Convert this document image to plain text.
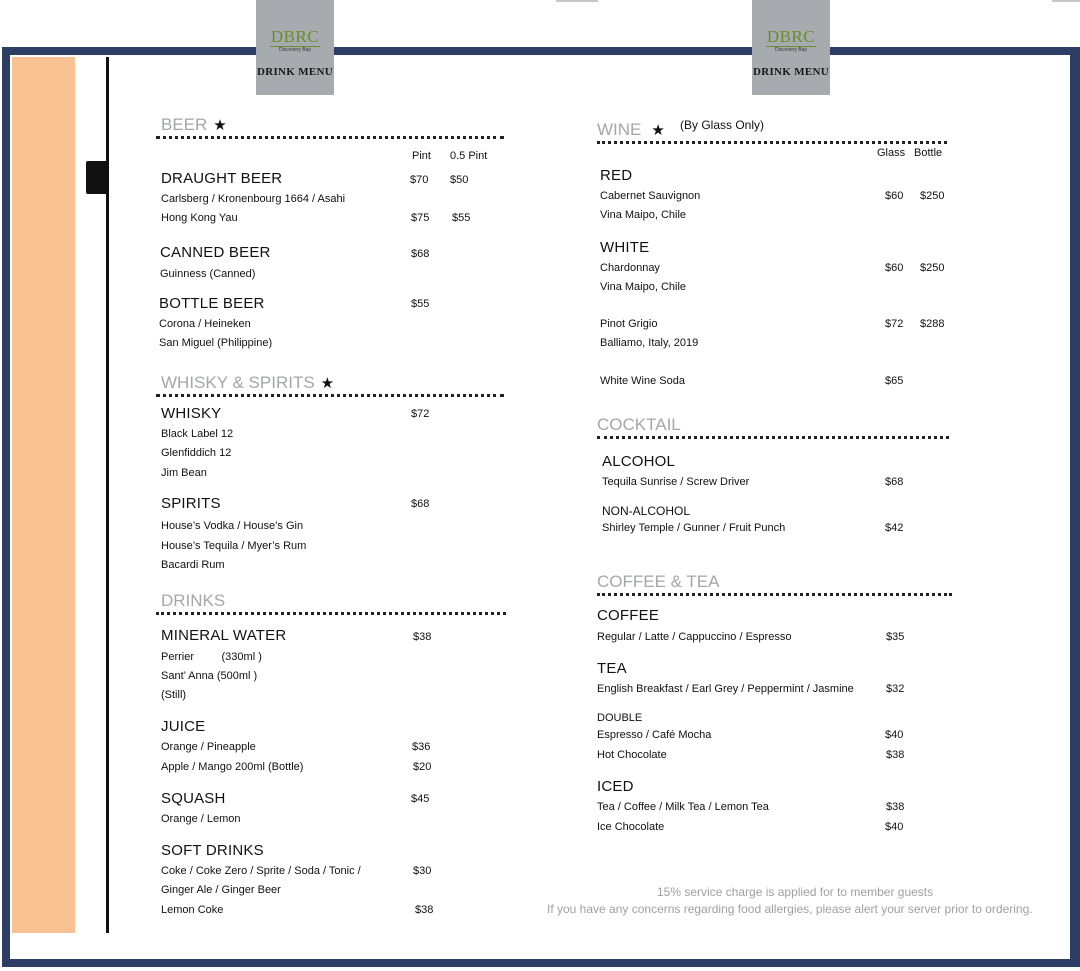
DBRC
Discovery Bay
DRINK MENU
DBRC
Discovery Bay
DRINK MENU
BEER ★
Pint 0.5 Pint
DRAUGHT BEER	$70 $50
Carlsberg / Kronenbourg 1664 / Asahi
Hong Kong Yau	$75 $55
CANNED BEER	$68
Guinness (Canned)
BOTTLE BEER	$55
Corona / Heineken
San Miguel (Philippine)
WHISKY & SPIRITS ★
WHISKY	$72
Black Label 12
Glenfiddich 12
Jim Bean
SPIRITS	$68
House’s Vodka / House’s Gin
House’s Tequila / Myer’s Rum
Bacardi Rum
DRINKS
MINERAL WATER	$38
Perrier         (330ml )
Sant’ Anna (500ml )
(Still)
JUICE
Orange / Pineapple	$36
Apple / Mango 200ml (Bottle)	$20
SQUASH	$45
Orange / Lemon
SOFT DRINKS
Coke / Coke Zero / Sprite / Soda / Tonic /	$30
Ginger Ale / Ginger Beer
Lemon Coke	$38
WINE ★ (By Glass Only)
Glass Bottle
RED
Cabernet Sauvignon	$60 $250
Vina Maipo, Chile
WHITE
Chardonnay	$60 $250
Vina Maipo, Chile
Pinot Grigio	$72 $288
Balliamo, Italy, 2019
White Wine Soda	$65
COCKTAIL
ALCOHOL
Tequila Sunrise / Screw Driver	$68
NON-ALCOHOL
Shirley Temple / Gunner / Fruit Punch	$42
COFFEE & TEA
COFFEE
Regular / Latte / Cappuccino / Espresso	$35
TEA
English Breakfast / Earl Grey / Peppermint / Jasmine	$32
DOUBLE
Espresso / Café Mocha	$40
Hot Chocolate	$38
ICED
Tea / Coffee / Milk Tea / Lemon Tea	$38
Ice Chocolate	$40
15% service charge is applied for to member guests
If you have any concerns regarding food allergies, please alert your server prior to ordering.
